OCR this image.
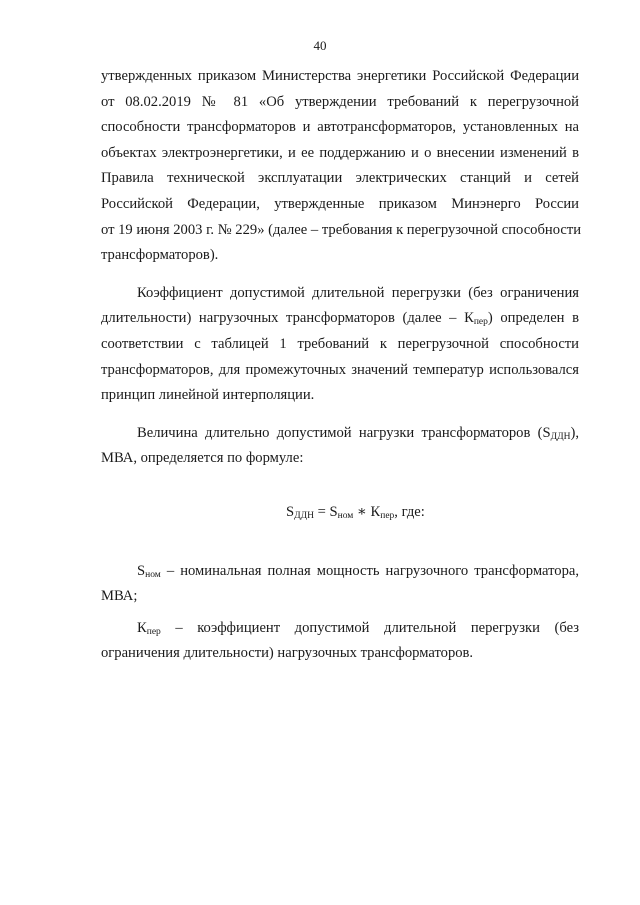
40
утвержденных приказом Министерства энергетики Российской Федерации
от 08.02.2019 № 81 «Об утверждении требований к перегрузочной
способности трансформаторов и автотрансформаторов, установленных на
объектах электроэнергетики, и ее поддержанию и о внесении изменений в
Правила технической эксплуатации электрических станций и сетей
Российской Федерации, утвержденные приказом Минэнерго России
от 19 июня 2003 г. № 229» (далее – требования к перегрузочной способности
трансформаторов).
Коэффициент допустимой длительной перегрузки (без ограничения
длительности) нагрузочных трансформаторов (далее – $К_{пер}$) определен в
соответствии с таблицей 1 требований к перегрузочной способности
трансформаторов, для промежуточных значений температур использовался
принцип линейной интерполяции.
Величина длительно допустимой нагрузки трансформаторов $(S_{ДДН})$,
МВА, определяется по формуле:
$S_{ДДН} = S_{ном}$ ∗ $К_{пер}$, где:
$S_{ном}$ – номинальная полная мощность нагрузочного трансформатора,
МВА;
$К_{пер}$ – коэффициент допустимой длительной перегрузки (без
ограничения длительности) нагрузочных трансформаторов.
